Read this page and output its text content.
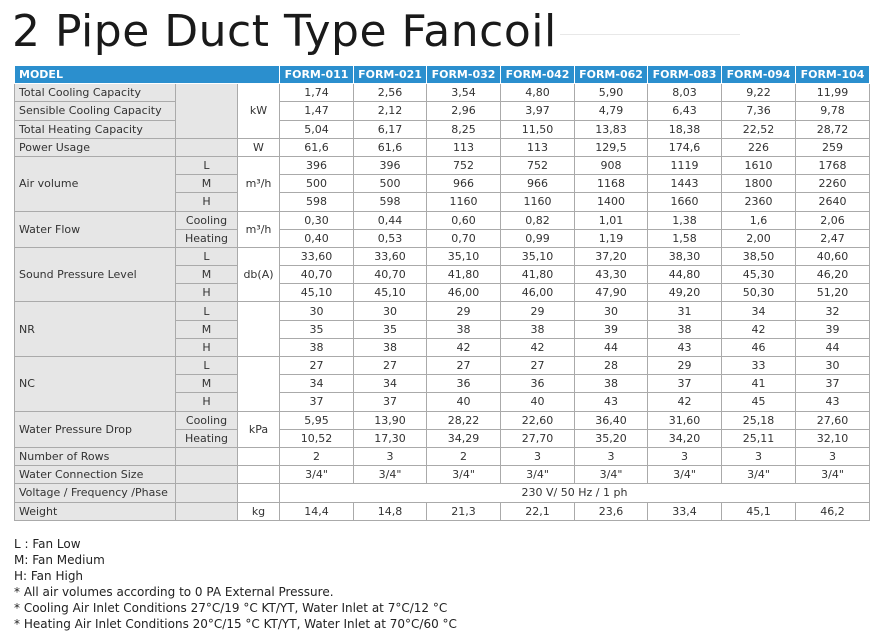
2 Pipe Duct Type Fancoil
MODEL			FORM-011	FORM-021	FORM-032	FORM-042	FORM-062	FORM-083	FORM-094	FORM-104
Total Cooling Capacity		kW	1,74	2,56	3,54	4,80	5,90	8,03	9,22	11,99
Sensible Cooling Capacity			1,47	2,12	2,96	3,97	4,79	6,43	7,36	9,78
Total Heating Capacity			5,04	6,17	8,25	11,50	13,83	18,38	22,52	28,72
Power Usage		W	61,6	61,6	113	113	129,5	174,6	226	259
Air volume	L	m³/h	396	396	752	752	908	1119	1610	1768
	M		500	500	966	966	1168	1443	1800	2260
	H		598	598	1160	1160	1400	1660	2360	2640
Water Flow	Cooling	m³/h	0,30	0,44	0,60	0,82	1,01	1,38	1,6	2,06
	Heating		0,40	0,53	0,70	0,99	1,19	1,58	2,00	2,47
Sound Pressure Level	L	db(A)	33,60	33,60	35,10	35,10	37,20	38,30	38,50	40,60
	M		40,70	40,70	41,80	41,80	43,30	44,80	45,30	46,20
	H		45,10	45,10	46,00	46,00	47,90	49,20	50,30	51,20
NR	L		30	30	29	29	30	31	34	32
	M		35	35	38	38	39	38	42	39
	H		38	38	42	42	44	43	46	44
NC	L		27	27	27	27	28	29	33	30
	M		34	34	36	36	38	37	41	37
	H		37	37	40	40	43	42	45	43
Water Pressure Drop	Cooling	kPa	5,95	13,90	28,22	22,60	36,40	31,60	25,18	27,60
	Heating		10,52	17,30	34,29	27,70	35,20	34,20	25,11	32,10
Number of Rows			2	3	2	3	3	3	3	3
Water Connection Size			3/4"	3/4"	3/4"	3/4"	3/4"	3/4"	3/4"	3/4"
Voltage / Frequency /Phase			230 V/ 50 Hz / 1 ph							
Weight		kg	14,4	14,8	21,3	22,1	23,6	33,4	45,1	46,2
L : Fan Low
M: Fan Medium
H: Fan High
* All air volumes according to 0 PA External Pressure.
* Cooling Air Inlet Conditions 27°C/19 °C KT/YT, Water Inlet at 7°C/12 °C
* Heating Air Inlet Conditions 20°C/15 °C KT/YT, Water Inlet at 70°C/60 °C
